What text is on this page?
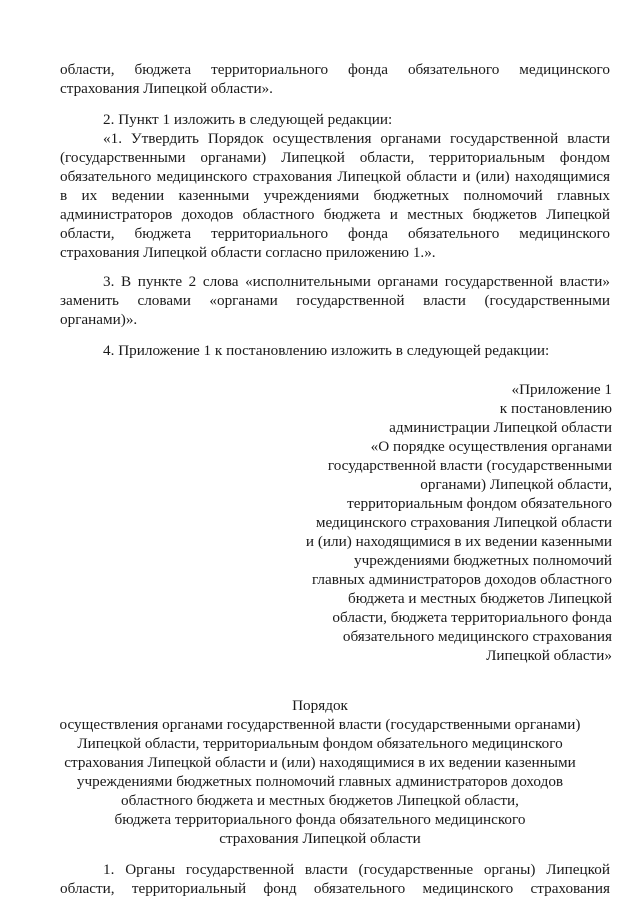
области, бюджета территориального фонда обязательного медицинского

страхования Липецкой области».

2. Пункт 1 изложить в следующей редакции:

«1. Утвердить Порядок осуществления органами государственной власти

(государственными органами) Липецкой области, территориальным фондом

обязательного медицинского страхования Липецкой области и (или) находящимися

в их ведении казенными учреждениями бюджетных полномочий главных

администраторов доходов областного бюджета и местных бюджетов Липецкой

области, бюджета территориального фонда обязательного медицинского

страхования Липецкой области согласно приложению 1.».

3. В пункте 2 слова «исполнительными органами государственной власти»

заменить словами «органами государственной власти (государственными

органами)».

4. Приложение 1 к постановлению изложить в следующей редакции:

«Приложение 1

к постановлению

администрации Липецкой области

«О порядке осуществления органами

государственной власти (государственными

органами) Липецкой области,

территориальным фондом обязательного

медицинского страхования Липецкой области

и (или) находящимися в их ведении казенными

учреждениями бюджетных полномочий

главных администраторов доходов областного

бюджета и местных бюджетов Липецкой

области, бюджета территориального фонда

обязательного медицинского страхования

Липецкой области»

Порядок

осуществления органами государственной власти (государственными органами)

Липецкой области, территориальным фондом обязательного медицинского

страхования Липецкой области и (или) находящимися в их ведении казенными

учреждениями бюджетных полномочий главных администраторов доходов

областного бюджета и местных бюджетов Липецкой области,

бюджета территориального фонда обязательного медицинского

страхования Липецкой области

1. Органы государственной власти (государственные органы) Липецкой

области, территориальный фонд обязательного медицинского страхования
